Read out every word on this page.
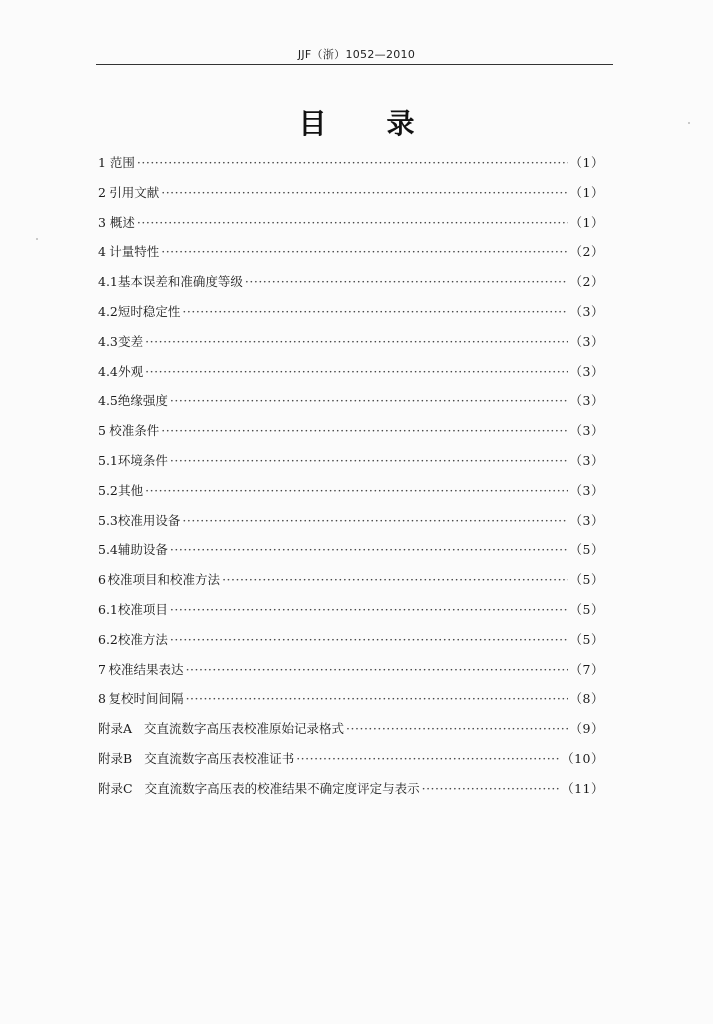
JJF（浙）1052—2010
目录
1 范围 ·····	（1）
2 引用文献 ·····	（1）
3 概述 ·····	（1）
4 计量特性 ·····	（2）
4.1 基本误差和准确度等级 ·····	（2）
4.2 短时稳定性 ·····	（3）
4.3 变差 ·····	（3）
4.4 外观 ·····	（3）
4.5 绝缘强度 ·····	（3）
5 校准条件 ·····	（3）
5.1 环境条件 ·····	（3）
5.2 其他 ·····	（3）
5.3 校准用设备 ·····	（3）
5.4 辅助设备 ·····	（5）
6 校准项目和校准方法 ·····	（5）
6.1 校准项目 ·····	（5）
6.2 校准方法 ·····	（5）
7 校准结果表达 ·····	（7）
8 复校时间间隔 ·····	（8）
附录A 交直流数字高压表校准原始记录格式 ·····	（9）
附录B 交直流数字高压表校准证书 ·····	（10）
附录C 交直流数字高压表的校准结果不确定度评定与表示 ·····	（11）
